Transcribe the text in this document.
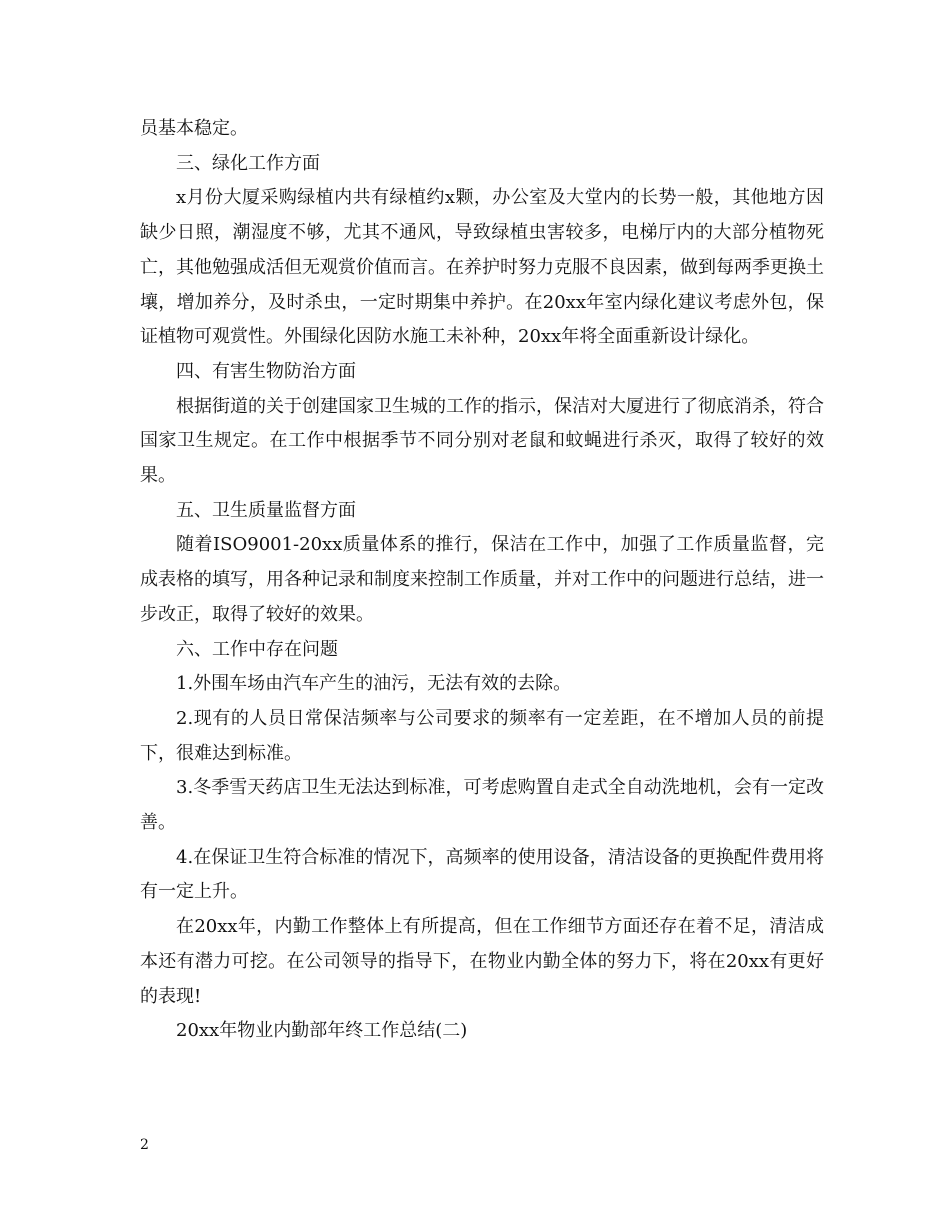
员基本稳定。

三、绿化工作方面

x月份大厦采购绿植内共有绿植约x颗，办公室及大堂内的长势一般，其他地方因缺少日照，潮湿度不够，尤其不通风，导致绿植虫害较多，电梯厅内的大部分植物死亡，其他勉强成活但无观赏价值而言。在养护时努力克服不良因素，做到每两季更换土壤，增加养分，及时杀虫，一定时期集中养护。在20xx年室内绿化建议考虑外包，保证植物可观赏性。外围绿化因防水施工未补种，20xx年将全面重新设计绿化。

四、有害生物防治方面

根据街道的关于创建国家卫生城的工作的指示，保洁对大厦进行了彻底消杀，符合国家卫生规定。在工作中根据季节不同分别对老鼠和蚊蝇进行杀灭，取得了较好的效果。

五、卫生质量监督方面

随着ISO9001-20xx质量体系的推行，保洁在工作中，加强了工作质量监督，完成表格的填写，用各种记录和制度来控制工作质量，并对工作中的问题进行总结，进一步改正，取得了较好的效果。

六、工作中存在问题

1.外围车场由汽车产生的油污，无法有效的去除。

2.现有的人员日常保洁频率与公司要求的频率有一定差距，在不增加人员的前提下，很难达到标准。

3.冬季雪天药店卫生无法达到标准，可考虑购置自走式全自动洗地机，会有一定改善。

4.在保证卫生符合标准的情况下，高频率的使用设备，清洁设备的更换配件费用将有一定上升。

在20xx年，内勤工作整体上有所提高，但在工作细节方面还存在着不足，清洁成本还有潜力可挖。在公司领导的指导下，在物业内勤全体的努力下，将在20xx有更好的表现!

20xx年物业内勤部年终工作总结(二)

2
